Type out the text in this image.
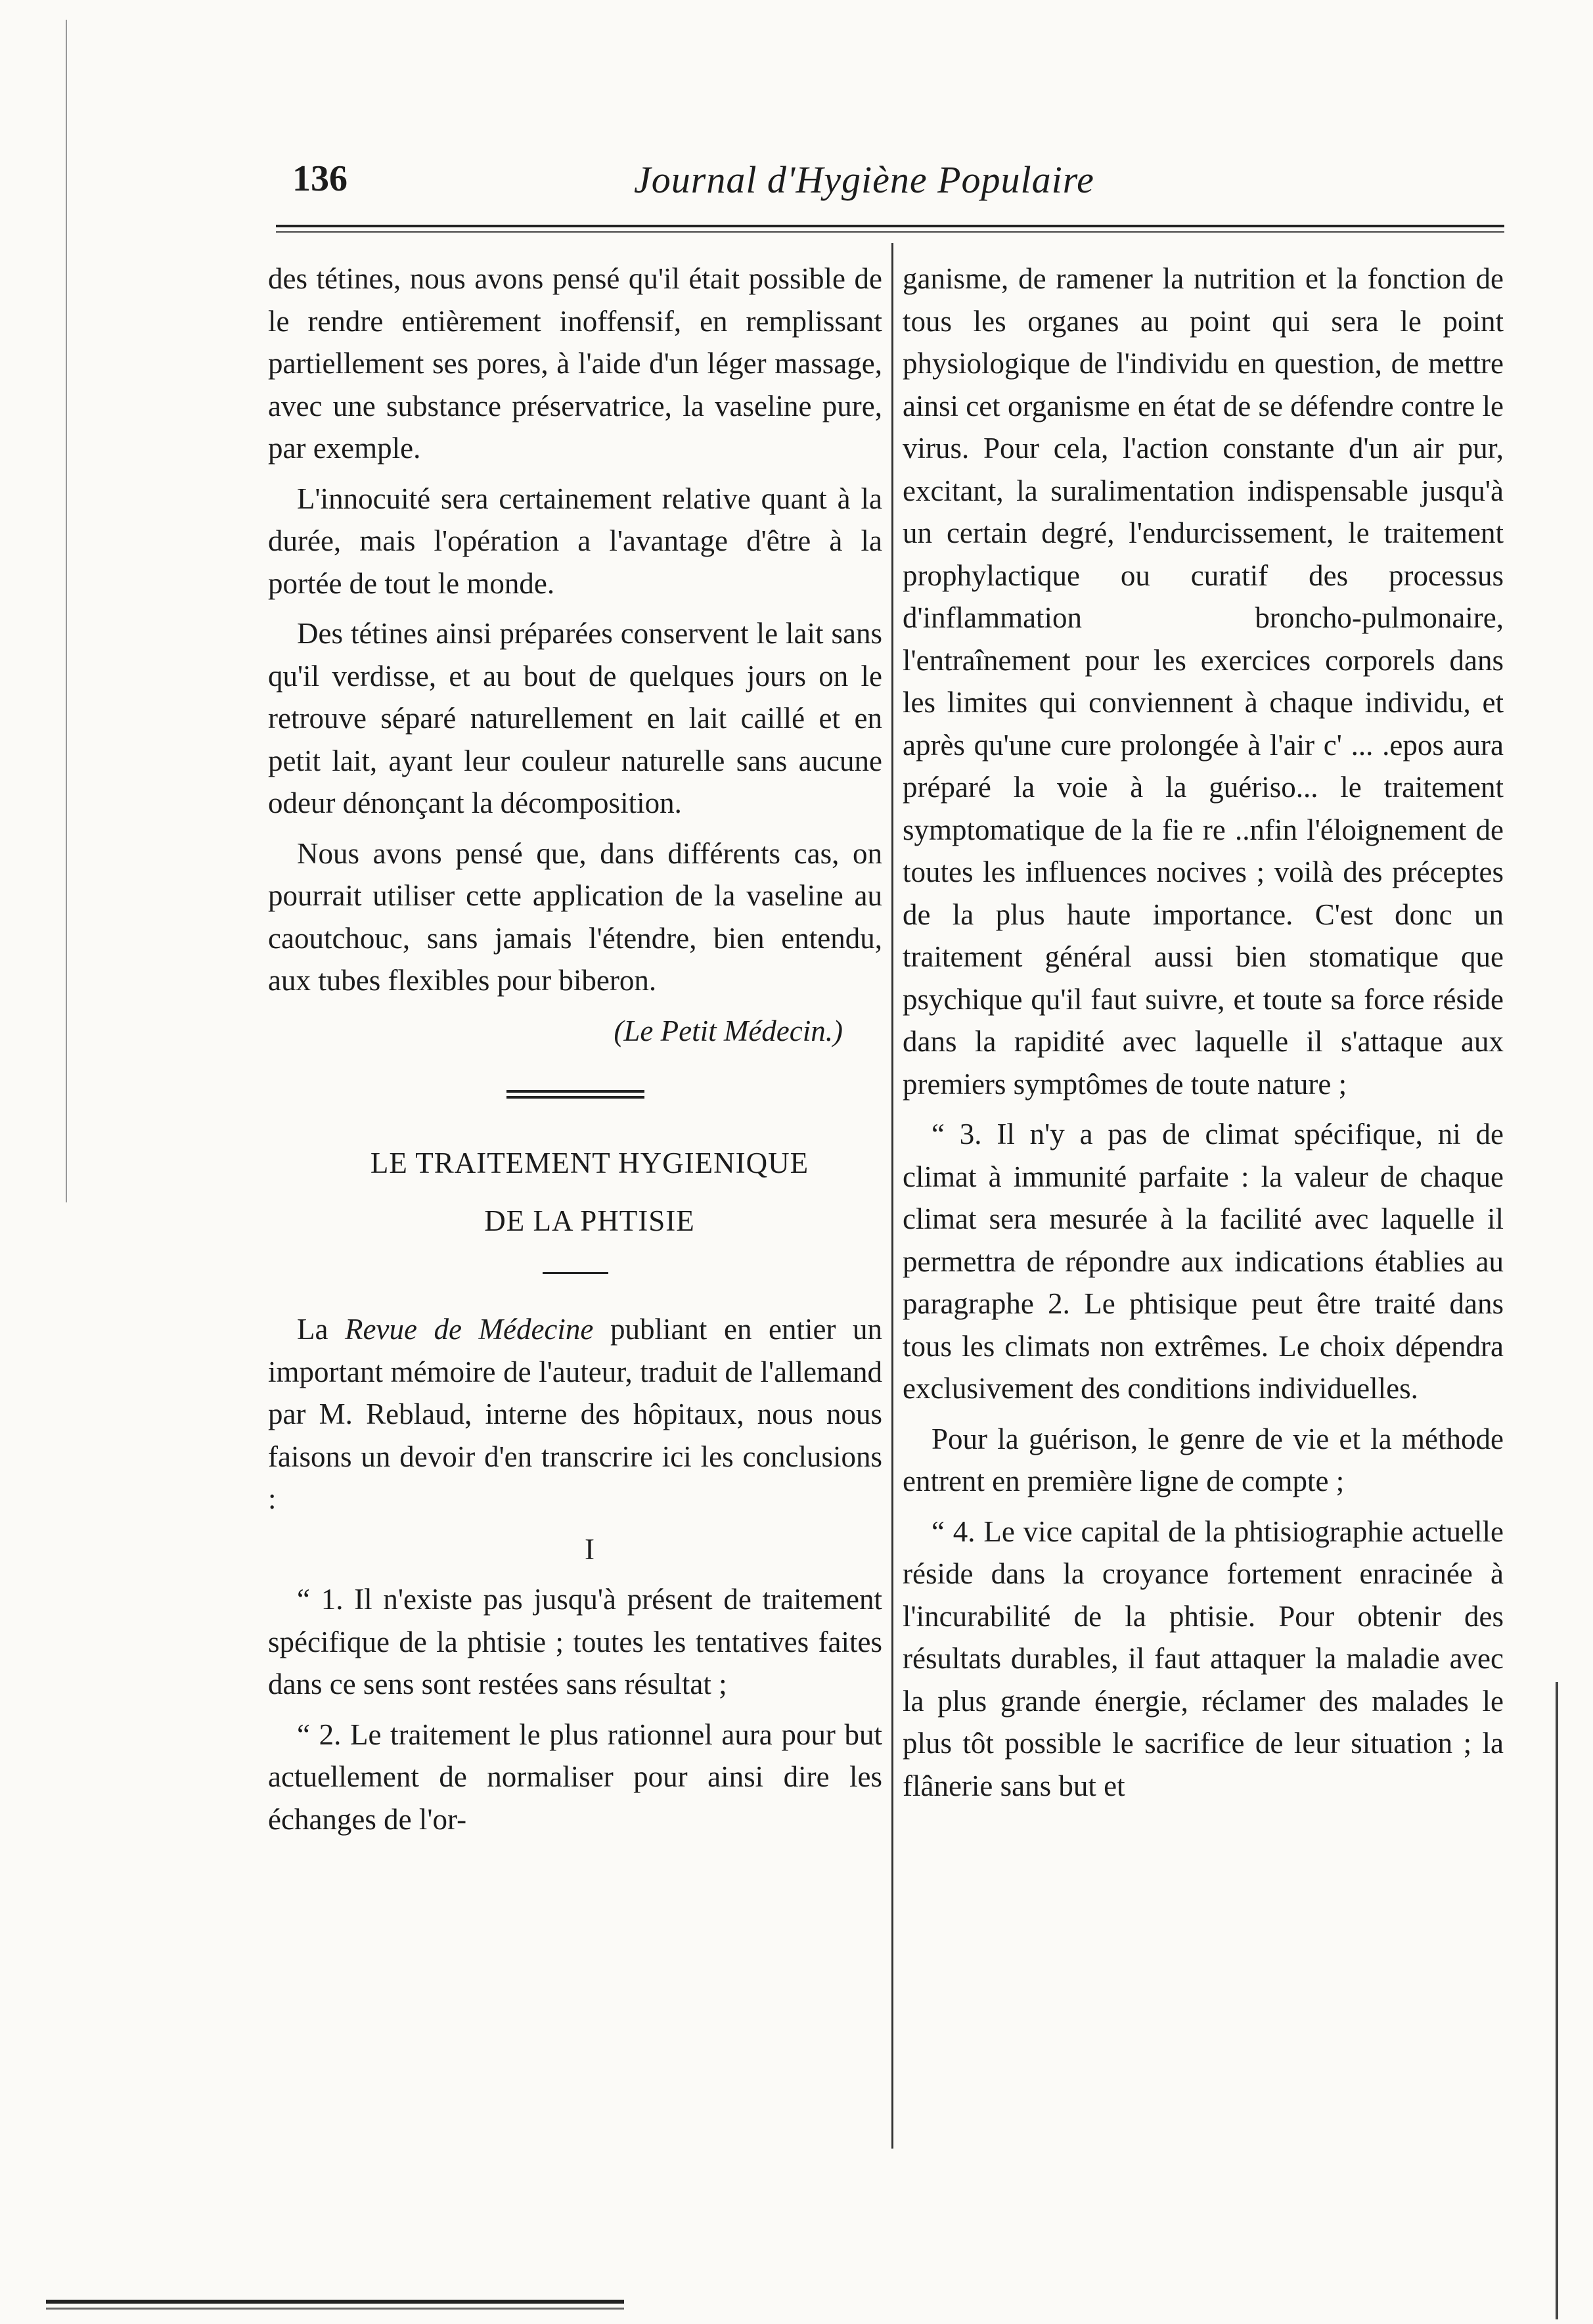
136	Journal d'Hygiène Populaire

des tétines, nous avons pensé qu'il était possible de le rendre entièrement inoffensif, en remplissant partiellement ses pores, à l'aide d'un léger massage, avec une substance préservatrice, la vaseline pure, par exemple.

L'innocuité sera certainement relative quant à la durée, mais l'opération a l'avantage d'être à la portée de tout le monde.

Des tétines ainsi préparées conservent le lait sans qu'il verdisse, et au bout de quelques jours on le retrouve séparé naturellement en lait caillé et en petit lait, ayant leur couleur naturelle sans aucune odeur dénonçant la décomposition.

Nous avons pensé que, dans différents cas, on pourrait utiliser cette application de la vaseline au caoutchouc, sans jamais l'étendre, bien entendu, aux tubes flexibles pour biberon.

(Le Petit Médecin.)

LE TRAITEMENT HYGIENIQUE

DE LA PHTISIE

La Revue de Médecine publiant en entier un important mémoire de l'auteur, traduit de l'allemand par M. Reblaud, interne des hôpitaux, nous nous faisons un devoir d'en transcrire ici les conclusions :

I

“ 1. Il n'existe pas jusqu'à présent de traitement spécifique de la phtisie ; toutes les tentatives faites dans ce sens sont restées sans résultat ;

“ 2. Le traitement le plus rationnel aura pour but actuellement de normaliser pour ainsi dire les échanges de l'or-

ganisme, de ramener la nutrition et la fonction de tous les organes au point qui sera le point physiologique de l'individu en question, de mettre ainsi cet organisme en état de se défendre contre le virus. Pour cela, l'action constante d'un air pur, excitant, la suralimentation indispensable jusqu'à un certain degré, l'endurcissement, le traitement prophylactique ou curatif des processus d'inflammation broncho-pulmonaire, l'entraînement pour les exercices corporels dans les limites qui conviennent à chaque individu, et après qu'une cure prolongée à l'air c' ... .epos aura préparé la voie à la guériso... le traitement symptomatique de la fie re ..nfin l'éloignement de toutes les influences nocives ; voilà des préceptes de la plus haute importance. C'est donc un traitement général aussi bien stomatique que psychique qu'il faut suivre, et toute sa force réside dans la rapidité avec laquelle il s'attaque aux premiers symptômes de toute nature ;

“ 3. Il n'y a pas de climat spécifique, ni de climat à immunité parfaite : la valeur de chaque climat sera mesurée à la facilité avec laquelle il permettra de répondre aux indications établies au paragraphe 2. Le phtisique peut être traité dans tous les climats non extrêmes. Le choix dépendra exclusivement des conditions individuelles.

Pour la guérison, le genre de vie et la méthode entrent en première ligne de compte ;

“ 4. Le vice capital de la phtisiographie actuelle réside dans la croyance fortement enracinée à l'incurabilité de la phtisie. Pour obtenir des résultats durables, il faut attaquer la maladie avec la plus grande énergie, réclamer des malades le plus tôt possible le sacrifice de leur situation ; la flânerie sans but et
